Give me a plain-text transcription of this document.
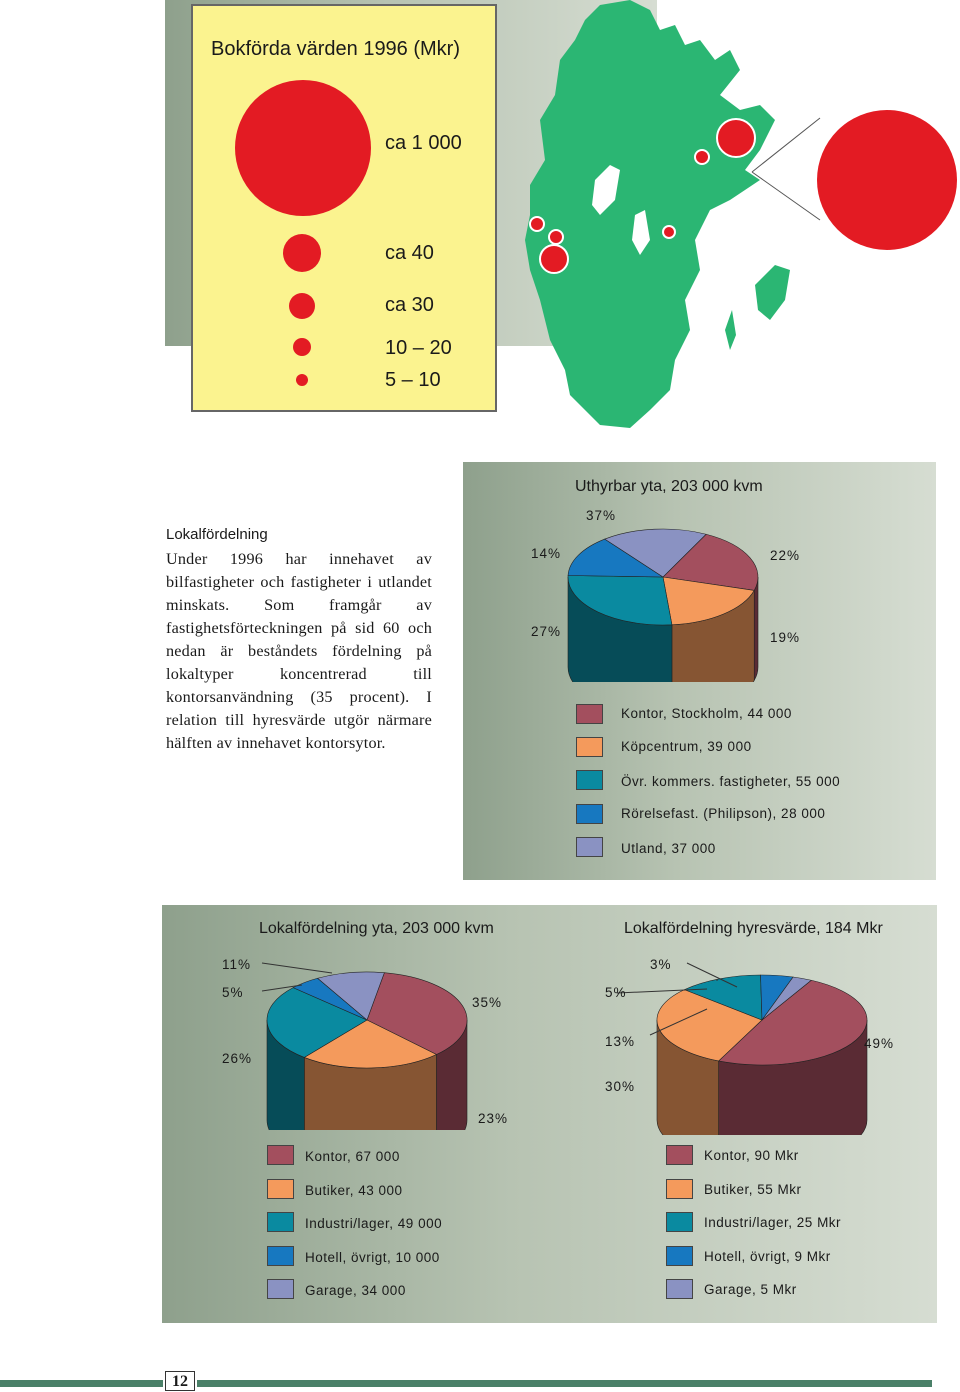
Bokförda värden 1996 (Mkr)
ca 1 000
ca 40
ca 30
10 – 20
5 – 10
Lokalfördelning
Under 1996 har innehavet av bilfastigheter och fastigheter i utlandet minskats. Som framgår av fastighetsförteckningen på sid 60 och nedan är beståndets fördelning på lokaltyper koncentrerad till kontorsanvändning (35 procent). I relation till hyresvärde utgör närmare hälften av innehavet kontorsytor.
Uthyrbar yta, 203 000 kvm
37%
14%	22%
27%	19%
Kontor, Stockholm, 44 000
Köpcentrum, 39 000
Övr. kommers. fastigheter, 55 000
Rörelsefast. (Philipson), 28 000
Utland, 37 000
Lokalfördelning yta, 203 000 kvm	Lokalfördelning hyresvärde, 184 Mkr
11%
5%
35%
26%
23%
3%
5%
13%	49%
30%
Kontor, 67 000
Butiker, 43 000
Industri/lager, 49 000
Hotell, övrigt, 10 000
Garage, 34 000
Kontor, 90 Mkr
Butiker, 55 Mkr
Industri/lager, 25 Mkr
Hotell, övrigt, 9 Mkr
Garage, 5 Mkr
12
